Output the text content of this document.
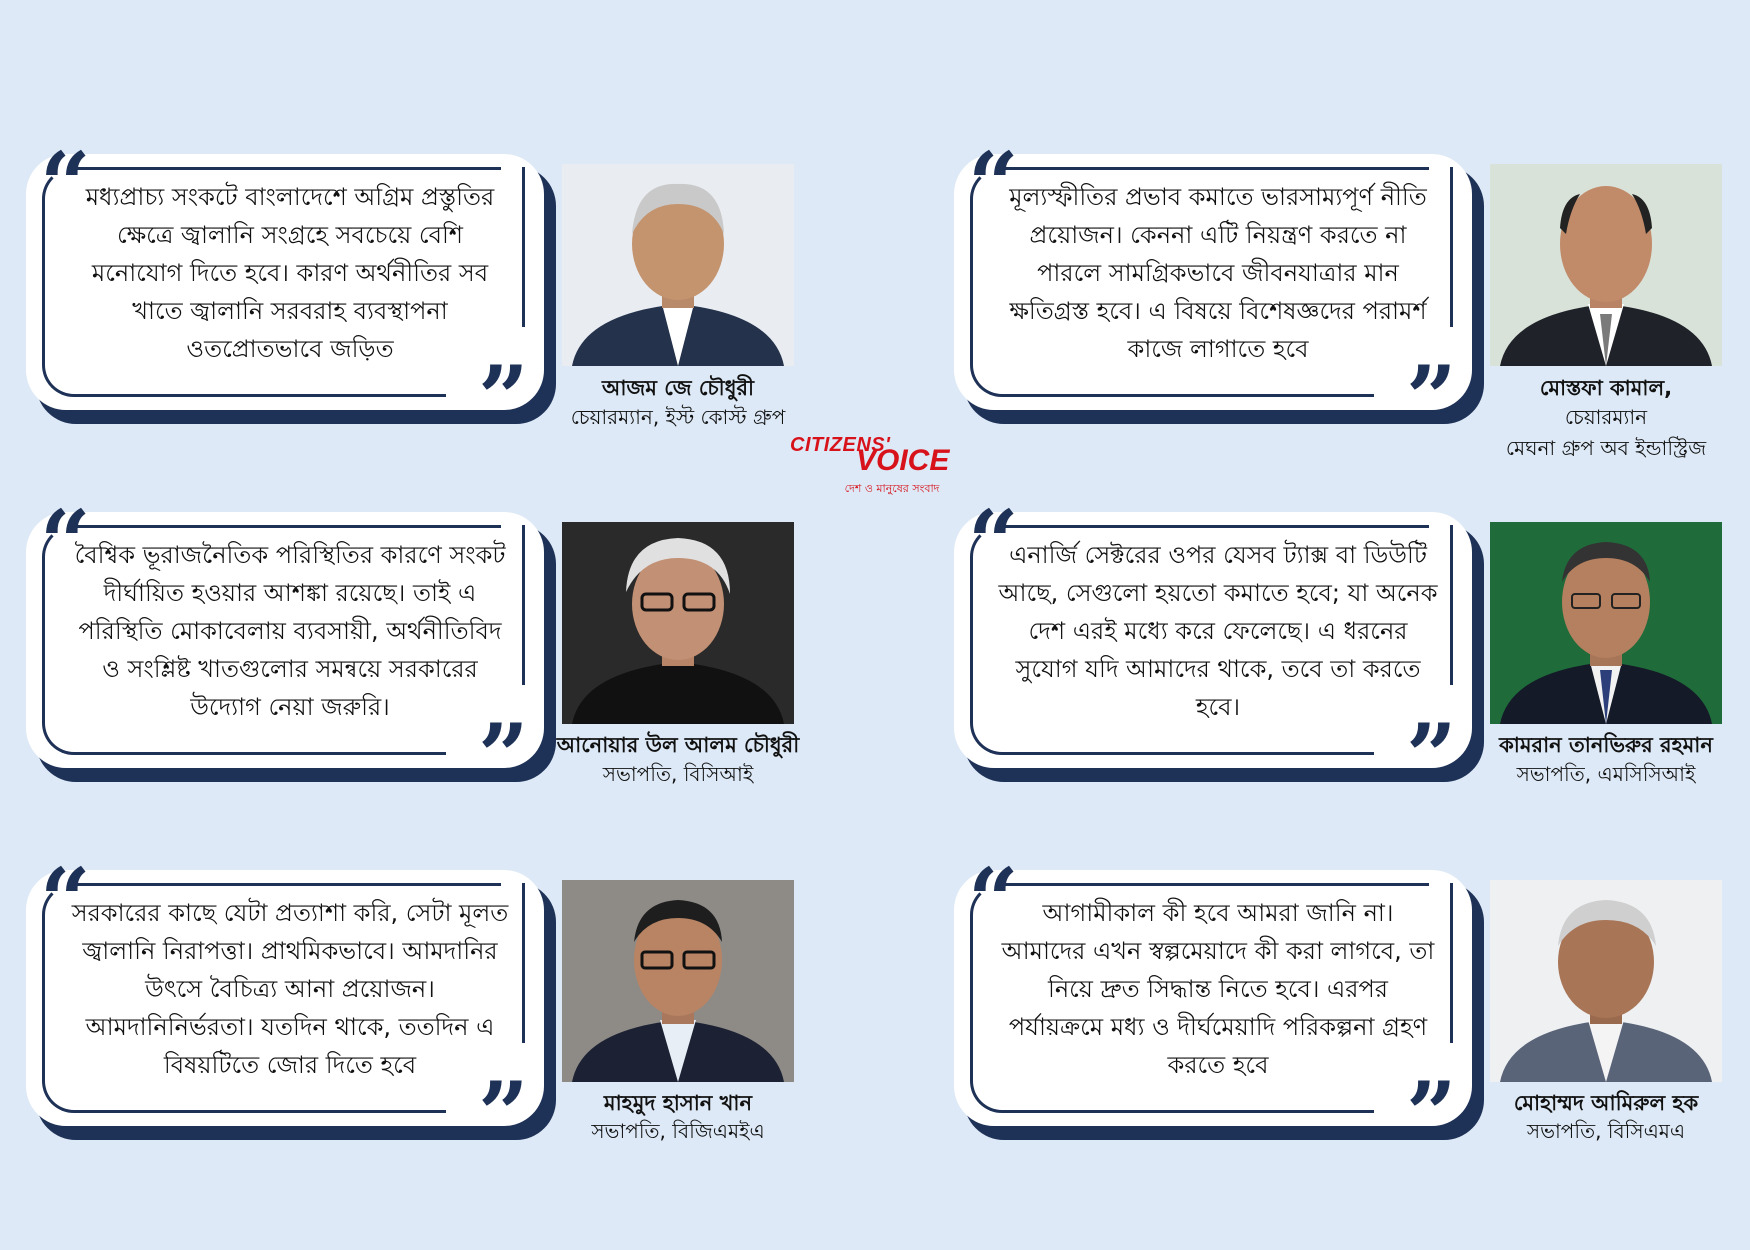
“
মধ্যপ্রাচ্য সংকটে বাংলাদেশে অগ্রিম প্রস্তুতির ক্ষেত্রে জ্বালানি সংগ্রহে সবচেয়ে বেশি মনোযোগ দিতে হবে। কারণ অর্থনীতির সব খাতে জ্বালানি সরবরাহ ব্যবস্থাপনা ওতপ্রোতভাবে জড়িত ”	আজম জে চৌধুরী
চেয়ারম্যান, ইস্ট কোস্ট গ্রুপ
“
মূল্যস্ফীতির প্রভাব কমাতে ভারসাম্যপূর্ণ নীতি প্রয়োজন। কেননা এটি নিয়ন্ত্রণ করতে না পারলে সামগ্রিকভাবে জীবনযাত্রার মান ক্ষতিগ্রস্ত হবে। এ বিষয়ে বিশেষজ্ঞদের পরামর্শ কাজে লাগাতে হবে	”	মোস্তফা কামাল,
চেয়ারম্যান
মেঘনা গ্রুপ অব ইন্ডাস্ট্রিজ
CITIZENS'
VOICE
দেশ ও মানুষের সংবাদ
“
বৈশ্বিক ভূরাজনৈতিক পরিস্থিতির কারণে সংকট দীর্ঘায়িত হওয়ার আশঙ্কা রয়েছে। তাই এ পরিস্থিতি মোকাবেলায় ব্যবসায়ী, অর্থনীতিবিদ ও সংশ্লিষ্ট খাতগুলোর সমন্বয়ে সরকারের উদ্যোগ নেয়া জরুরি।	”	আনোয়ার উল আলম চৌধুরী
সভাপতি, বিসিআই
“
এনার্জি সেক্টরের ওপর যেসব ট্যাক্স বা ডিউটি আছে, সেগুলো হয়তো কমাতে হবে; যা অনেক দেশ এরই মধ্যে করে ফেলেছে। এ ধরনের সুযোগ যদি আমাদের থাকে, তবে তা করতে হবে।	”	কামরান তানভিরুর রহমান
সভাপতি, এমসিসিআই
“
সরকারের কাছে যেটা প্রত্যাশা করি, সেটা মূলত জ্বালানি নিরাপত্তা। প্রাথমিকভাবে। আমদানির উৎসে বৈচিত্র্য আনা প্রয়োজন। আমদানিনির্ভরতা। যতদিন থাকে, ততদিন এ বিষয়টিতে জোর দিতে হবে ”	মাহমুদ হাসান খান
সভাপতি, বিজিএমইএ
“ আগামীকাল কী হবে আমরা জানি না। আমাদের এখন স্বল্পমেয়াদে কী করা লাগবে, তা নিয়ে দ্রুত সিদ্ধান্ত নিতে হবে। এরপর পর্যায়ক্রমে মধ্য ও দীর্ঘমেয়াদি পরিকল্পনা গ্রহণ করতে হবে	”	মোহাম্মদ আমিরুল হক
সভাপতি, বিসিএমএ
